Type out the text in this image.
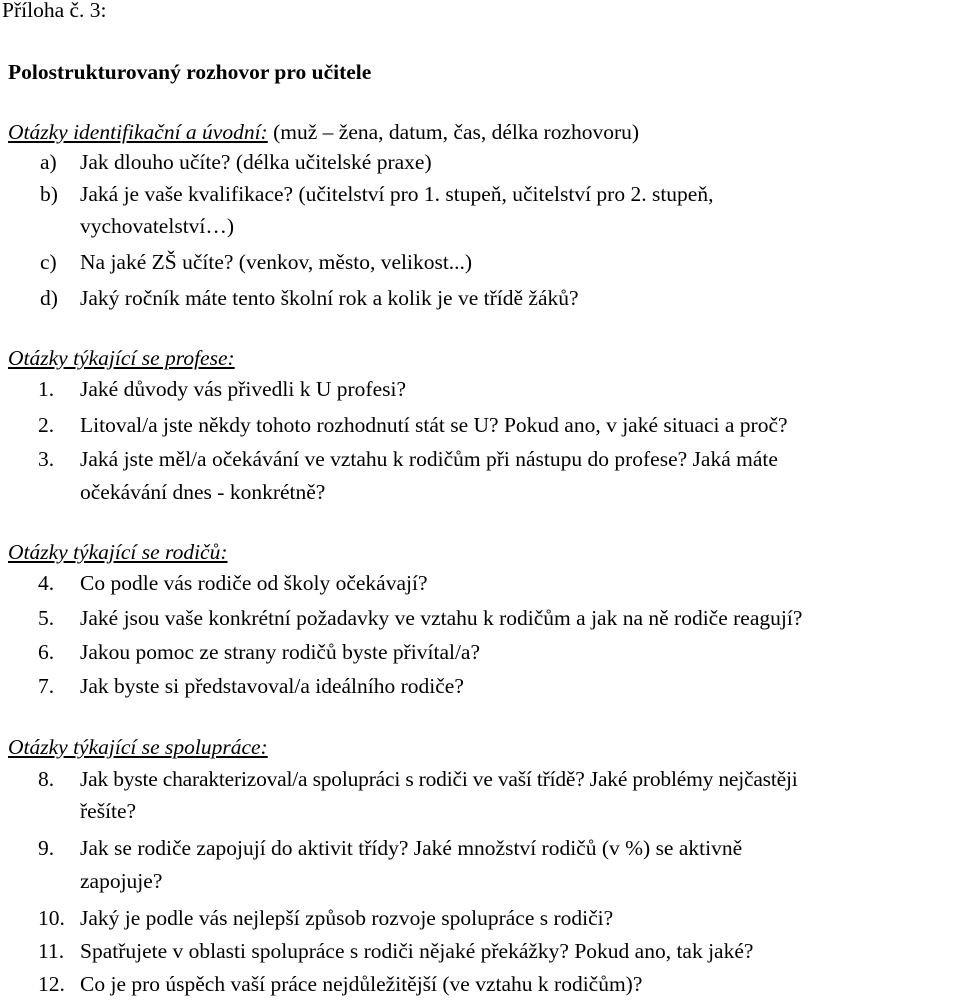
Příloha č. 3:
Polostrukturovaný rozhovor pro učitele
Otázky identifikační a úvodní: (muž – žena, datum, čas, délka rozhovoru)
a) Jak dlouho učíte? (délka učitelské praxe)
b) Jaká je vaše kvalifikace? (učitelství pro 1. stupeň, učitelství pro 2. stupeň,
vychovatelství…)
c) Na jaké ZŠ učíte? (venkov, město, velikost...)
d) Jaký ročník máte tento školní rok a kolik je ve třídě žáků?
Otázky týkající se profese:
1. Jaké důvody vás přivedli k U profesi?
2. Litoval/a jste někdy tohoto rozhodnutí stát se U? Pokud ano, v jaké situaci a proč?
3. Jaká jste měl/a očekávání ve vztahu k rodičům při nástupu do profese? Jaká máte
očekávání dnes - konkrétně?
Otázky týkající se rodičů:
4. Co podle vás rodiče od školy očekávají?
5. Jaké jsou vaše konkrétní požadavky ve vztahu k rodičům a jak na ně rodiče reagují?
6. Jakou pomoc ze strany rodičů byste přivítal/a?
7. Jak byste si představoval/a ideálního rodiče?
Otázky týkající se spolupráce:
8. Jak byste charakterizoval/a spolupráci s rodiči ve vaší třídě? Jaké problémy nejčastěji
řešíte?
9. Jak se rodiče zapojují do aktivit třídy? Jaké množství rodičů (v %) se aktivně
zapojuje?
10. Jaký je podle vás nejlepší způsob rozvoje spolupráce s rodiči?
11. Spatřujete v oblasti spolupráce s rodiči nějaké překážky? Pokud ano, tak jaké?
12. Co je pro úspěch vaší práce nejdůležitější (ve vztahu k rodičům)?
